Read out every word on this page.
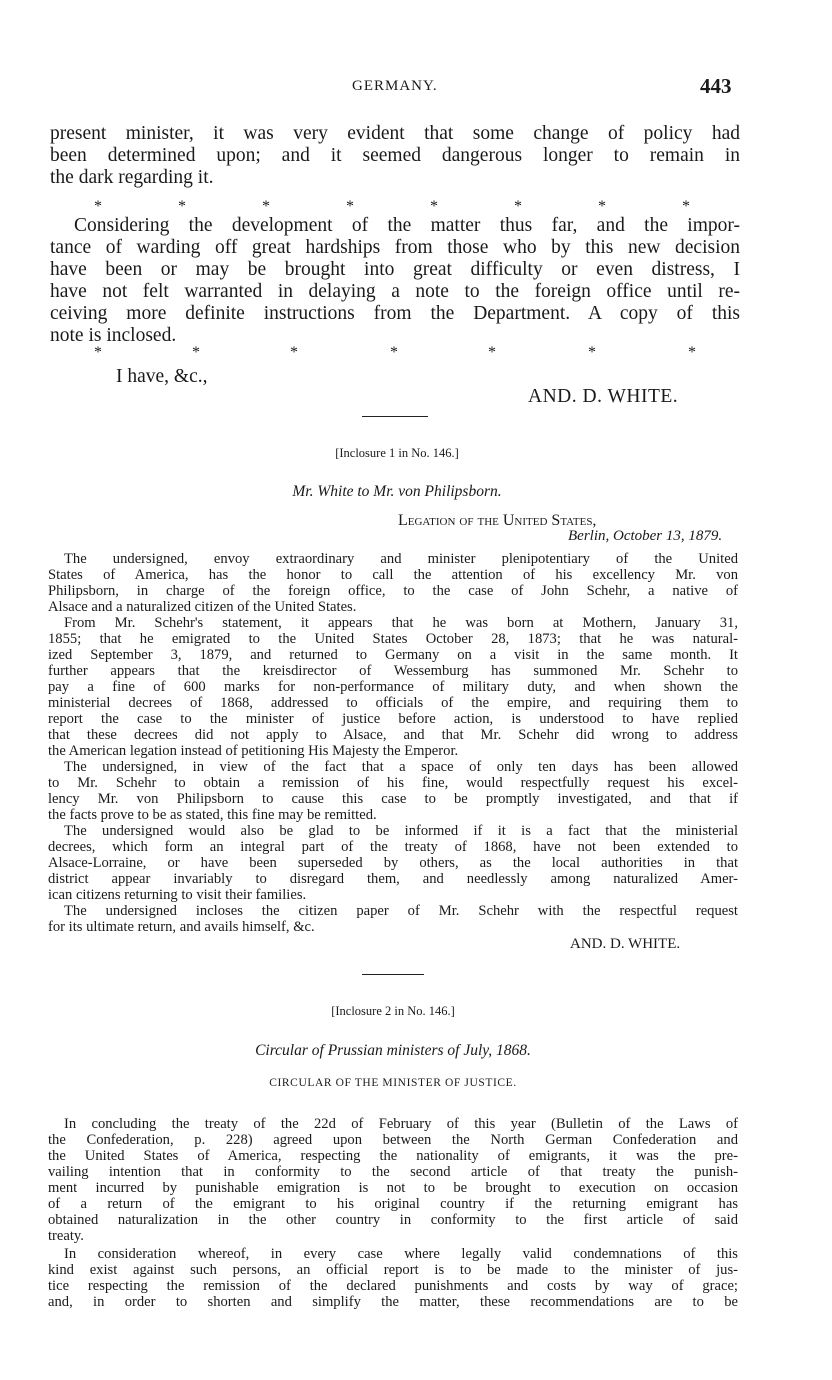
GERMANY.	443
present minister, it was very evident that some change of policy had
been determined upon; and it seemed dangerous longer to remain in
the dark regarding it.
*	*	*	*	*	*	*	*
Considering the development of the matter thus far, and the impor-
tance of warding off great hardships from those who by this new decision
have been or may be brought into great difficulty or even distress, I
have not felt warranted in delaying a note to the foreign office until re-
ceiving more definite instructions from the Department. A copy of this
note is inclosed.
*	*	*	*	*	*	*
I have, &c.,
AND. D. WHITE.
[Inclosure 1 in No. 146.]
Mr. White to Mr. von Philipsborn.
Legation of the United States,
Berlin, October 13, 1879.
The undersigned, envoy extraordinary and minister plenipotentiary of the United
States of America, has the honor to call the attention of his excellency Mr. von
Philipsborn, in charge of the foreign office, to the case of John Schehr, a native of
Alsace and a naturalized citizen of the United States.
From Mr. Schehr's statement, it appears that he was born at Mothern, January 31,
1855; that he emigrated to the United States October 28, 1873; that he was natural-
ized September 3, 1879, and returned to Germany on a visit in the same month. It
further appears that the kreisdirector of Wessemburg has summoned Mr. Schehr to
pay a fine of 600 marks for non-performance of military duty, and when shown the
ministerial decrees of 1868, addressed to officials of the empire, and requiring them to
report the case to the minister of justice before action, is understood to have replied
that these decrees did not apply to Alsace, and that Mr. Schehr did wrong to address
the American legation instead of petitioning His Majesty the Emperor.
The undersigned, in view of the fact that a space of only ten days has been allowed
to Mr. Schehr to obtain a remission of his fine, would respectfully request his excel-
lency Mr. von Philipsborn to cause this case to be promptly investigated, and that if
the facts prove to be as stated, this fine may be remitted.
The undersigned would also be glad to be informed if it is a fact that the ministerial
decrees, which form an integral part of the treaty of 1868, have not been extended to
Alsace-Lorraine, or have been superseded by others, as the local authorities in that
district appear invariably to disregard them, and needlessly among naturalized Amer-
ican citizens returning to visit their families.
The undersigned incloses the citizen paper of Mr. Schehr with the respectful request
for its ultimate return, and avails himself, &c.
AND. D. WHITE.
[Inclosure 2 in No. 146.]
Circular of Prussian ministers of July, 1868.
CIRCULAR OF THE MINISTER OF JUSTICE.
In concluding the treaty of the 22d of February of this year (Bulletin of the Laws of
the Confederation, p. 228) agreed upon between the North German Confederation and
the United States of America, respecting the nationality of emigrants, it was the pre-
vailing intention that in conformity to the second article of that treaty the punish-
ment incurred by punishable emigration is not to be brought to execution on occasion
of a return of the emigrant to his original country if the returning emigrant has
obtained naturalization in the other country in conformity to the first article of said
treaty.
In consideration whereof, in every case where legally valid condemnations of this
kind exist against such persons, an official report is to be made to the minister of jus-
tice respecting the remission of the declared punishments and costs by way of grace;
and, in order to shorten and simplify the matter, these recommendations are to be
